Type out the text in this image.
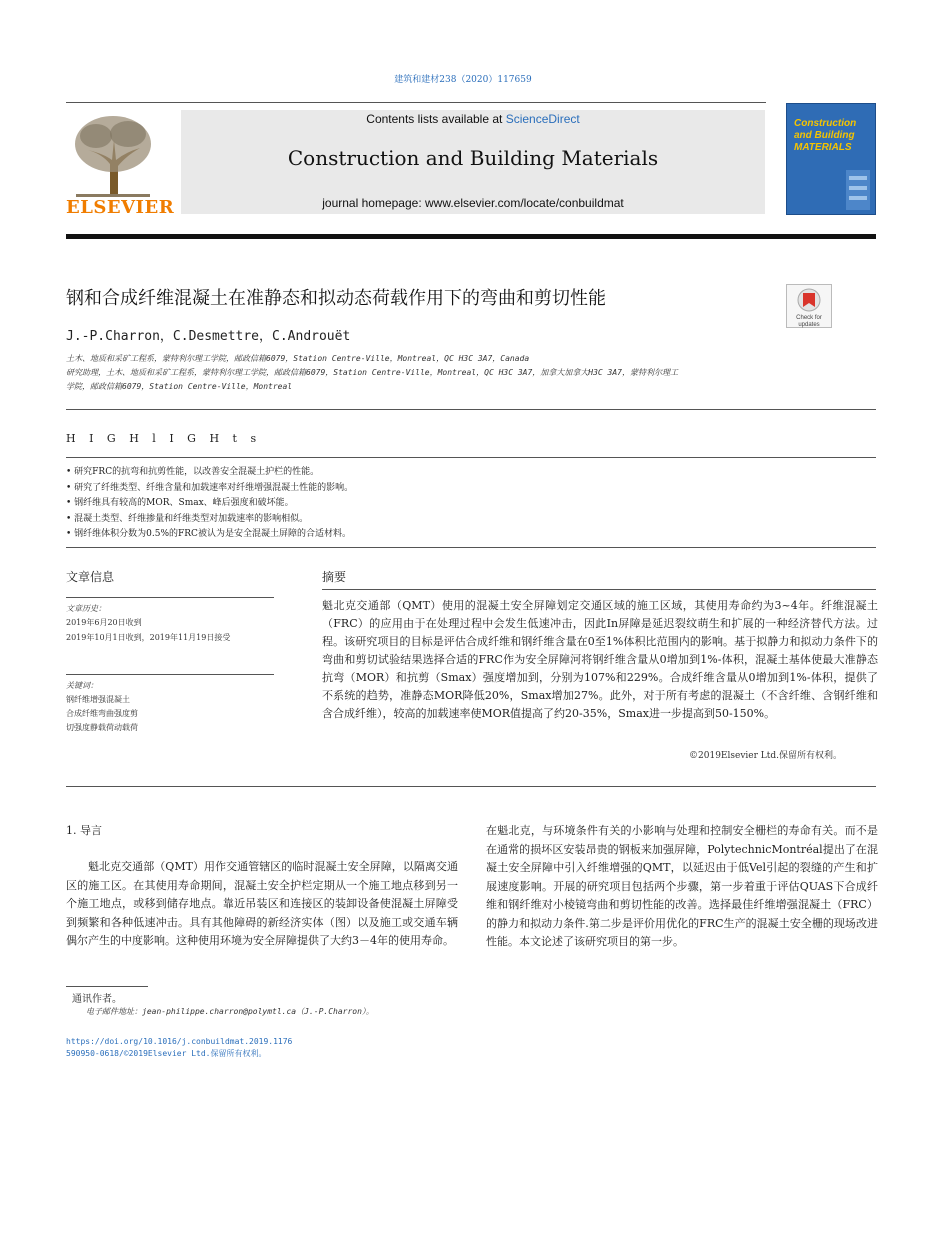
建筑和建材238（2020）117659
ELSEVIER
Contents lists available at ScienceDirect
Construction and Building Materials
journal homepage: www.elsevier.com/locate/conbuildmat
Construction and Building MATERIALS
钢和合成纤维混凝土在准静态和拟动态荷载作用下的弯曲和剪切性能
Check for updates
J.-P.Charron，C.Desmettre，C.Androuët
土木、地质和采矿工程系，蒙特利尔理工学院，邮政信箱6079，Station Centre-Ville，Montreal，QC H3C 3A7，Canada
研究助理，土木、地质和采矿工程系，蒙特利尔理工学院，邮政信箱6079，Station Centre-Ville，Montreal，QC H3C 3A7，加拿大加拿大H3C 3A7，蒙特利尔理工
学院，邮政信箱6079，Station Centre-Ville，Montreal
H I G H l I G H t s
• 研究FRC的抗弯和抗剪性能，以改善安全混凝土护栏的性能。
• 研究了纤维类型、纤维含量和加载速率对纤维增强混凝土性能的影响。
• 钢纤维具有较高的MOR、Smax、峰后强度和破坏能。
• 混凝土类型、纤维掺量和纤维类型对加载速率的影响相似。
• 钢纤维体积分数为0.5%的FRC被认为是安全混凝土屏障的合适材料。
文章信息
文章历史：
2019年6月20日收到
2019年10月1日收到，2019年11月19日接受
关键词：
钢纤维增强混凝土
合成纤维弯曲强度剪
切强度静载荷动载荷
摘要
魁北克交通部（QMT）使用的混凝土安全屏障划定交通区域的施工区域，其使用寿命约为3~4年。纤维混凝土（FRC）的应用由于在处理过程中会发生低速冲击，因此In屏障是延迟裂纹萌生和扩展的一种经济替代方法。过程。该研究项目的目标是评估合成纤维和钢纤维含量在0至1%体积比范围内的影响。基于拟静力和拟动力条件下的弯曲和剪切试验结果选择合适的FRC作为安全屏障河将钢纤维含量从0增加到1%-体积，混凝土基体使最大准静态抗弯（MOR）和抗剪（Smax）强度增加到，分别为107%和229%。合成纤维含量从0增加到1%-体积，提供了不系统的趋势，准静态MOR降低20%，Smax增加27%。此外，对于所有考虑的混凝土（不含纤维、含钢纤维和含合成纤维），较高的加载速率使MOR值提高了约20-35%，Smax进一步提高到50-150%。
©2019Elsevier Ltd.保留所有权利。
1. 导言
魁北克交通部（QMT）用作交通管辖区的临时混凝土安全屏障，以隔离交通区的施工区。在其使用寿命期间，混凝土安全护栏定期从一个施工地点移到另一个施工地点，或移到储存地点。靠近吊装区和连接区的装卸设备使混凝土屏障受到频繁和各种低速冲击。具有其他障碍的新经济实体（图）以及施工或交通车辆偶尔产生的中度影响。这种使用环境为安全屏障提供了大约3－4年的使用寿命。
在魁北克，与环境条件有关的小影响与处理和控制安全栅栏的寿命有关。而不是在通常的损坏区安装昂贵的钢板来加强屏障，PolytechnicMontréal提出了在混凝土安全屏障中引入纤维增强的QMT，以延迟由于低Vel引起的裂缝的产生和扩展速度影响。开展的研究项目包括两个步骤，第一步着重于评估QUAS下合成纤维和钢纤维对小棱镜弯曲和剪切性能的改善。选择最佳纤维增强混凝土（FRC）的静力和拟动力条件.第二步是评价用优化的FRC生产的混凝土安全栅的现场改进性能。本文论述了该研究项目的第一步。
通讯作者。
电子邮件地址：jean-philippe.charron@polymtl.ca（J.-P.Charron）。
https://doi.org/10.1016/j.conbuildmat.2019.1176
590950-0618/©2019Elsevier Ltd.保留所有权利。
